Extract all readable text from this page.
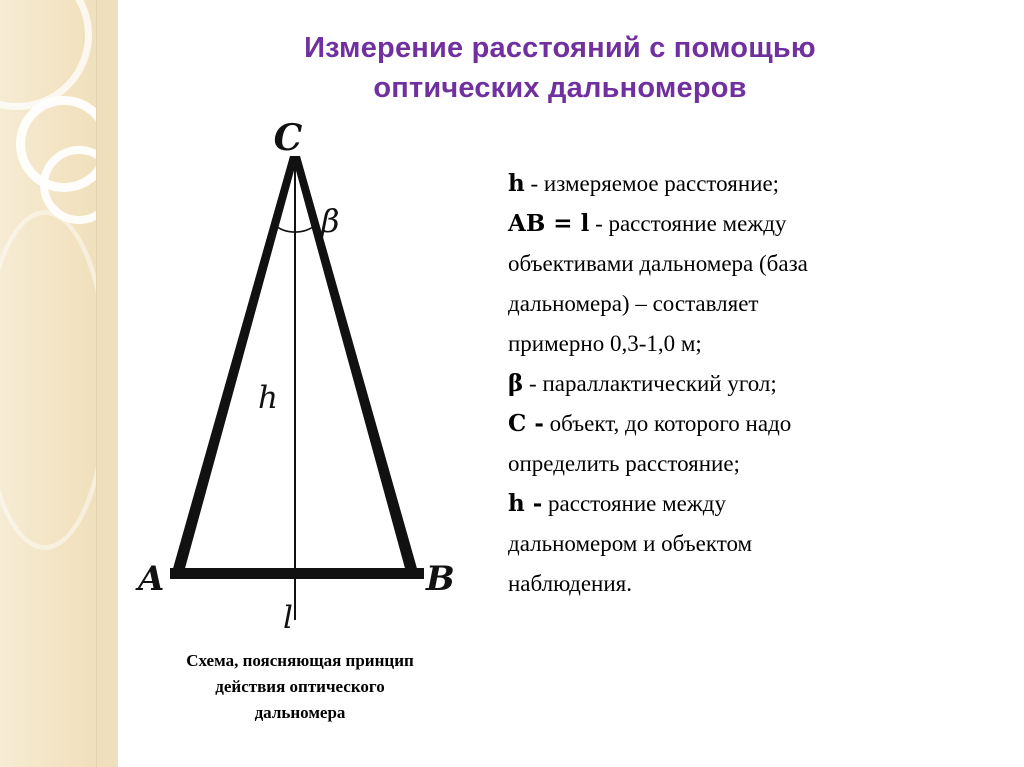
Измерение расстояний с помощью
оптических дальномеров
C
β
h
A	B
l
Схема, поясняющая принцип
действия оптического
дальномера
h - измеряемое расстояние;
AB = l - расстояние между
объективами дальномера (база
дальномера) – составляет
примерно 0,3-1,0 м;
β - параллактический угол;
C - объект, до которого надо
определить расстояние;
h - расстояние между
дальномером и объектом
наблюдения.
